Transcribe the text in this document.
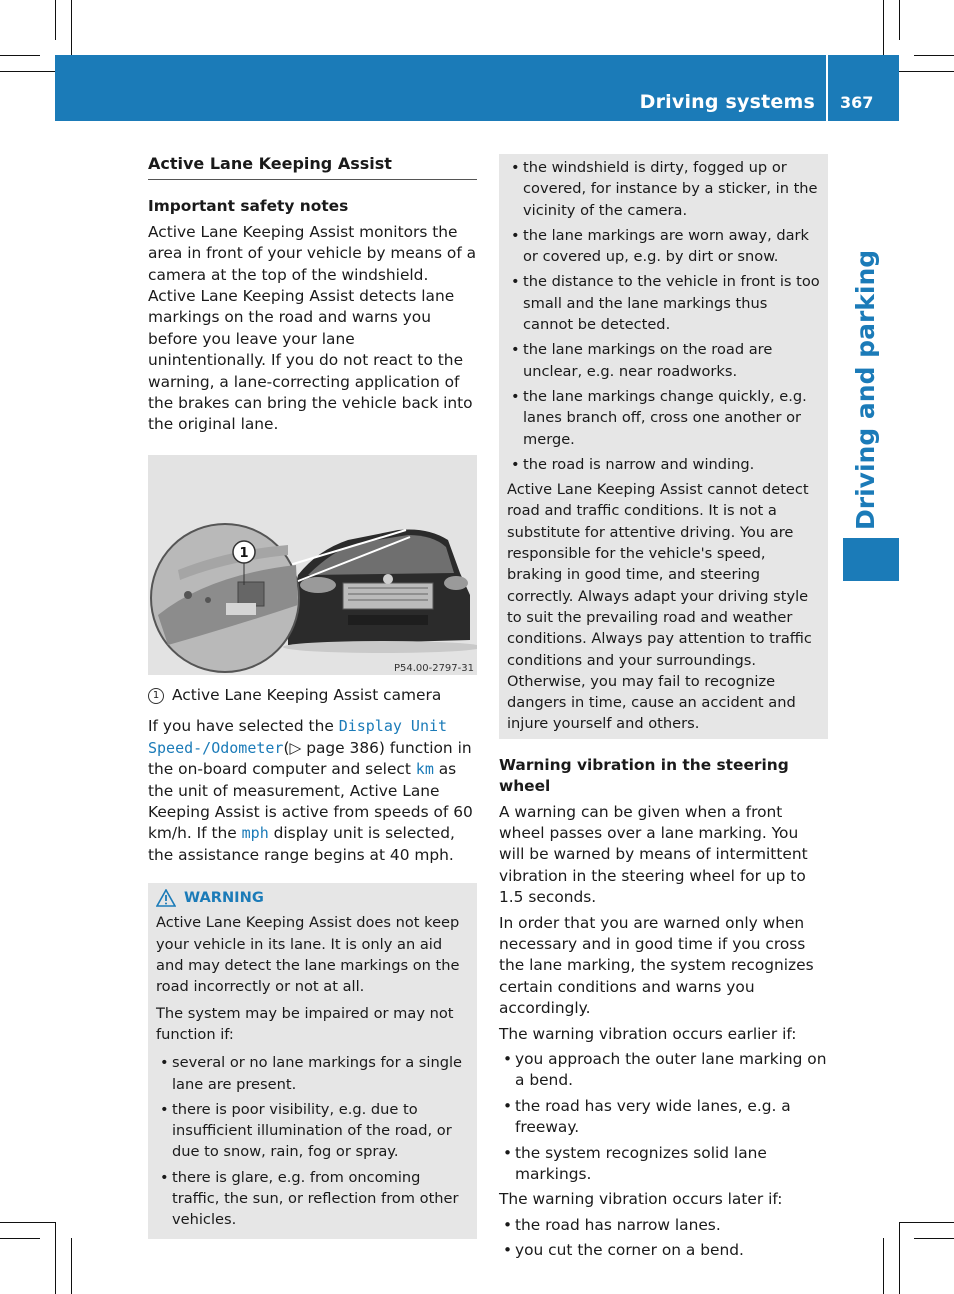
Driving systems 367
Driving and parking
Active Lane Keeping Assist
Important safety notes

Active Lane Keeping Assist monitors the area in front of your vehicle by means of a camera at the top of the windshield. Active Lane Keeping Assist detects lane markings on the road and warns you before you leave your lane unintentionally. If you do not react to the warning, a lane-correcting application of the brakes can bring the vehicle back into the original lane.

1
P54.00-2797-31
1 Active Lane Keeping Assist camera

If you have selected the Display Unit Speed-/Odometer(▷ page 386) function in the on-board computer and select km as the unit of measurement, Active Lane Keeping Assist is active from speeds of 60 km/h. If the mph display unit is selected, the assistance range begins at 40 mph.

WARNING

Active Lane Keeping Assist does not keep your vehicle in its lane. It is only an aid and may detect the lane markings on the road incorrectly or not at all.

The system may be impaired or may not function if:

• several or no lane markings for a single lane are present.
• there is poor visibility, e.g. due to insufficient illumination of the road, or due to snow, rain, fog or spray.
• there is glare, e.g. from oncoming traffic, the sun, or reflection from other vehicles.
• the windshield is dirty, fogged up or covered, for instance by a sticker, in the vicinity of the camera.
• the lane markings are worn away, dark or covered up, e.g. by dirt or snow.
• the distance to the vehicle in front is too small and the lane markings thus cannot be detected.
• the lane markings on the road are unclear, e.g. near roadworks.
• the lane markings change quickly, e.g. lanes branch off, cross one another or merge.
• the road is narrow and winding.

Active Lane Keeping Assist cannot detect road and traffic conditions. It is not a substitute for attentive driving. You are responsible for the vehicle's speed, braking in good time, and steering correctly. Always adapt your driving style to suit the prevailing road and weather conditions. Always pay attention to traffic conditions and your surroundings. Otherwise, you may fail to recognize dangers in time, cause an accident and injure yourself and others.

Warning vibration in the steering wheel

A warning can be given when a front wheel passes over a lane marking. You will be warned by means of intermittent vibration in the steering wheel for up to 1.5 seconds.

In order that you are warned only when necessary and in good time if you cross the lane marking, the system recognizes certain conditions and warns you accordingly.

The warning vibration occurs earlier if:

• you approach the outer lane marking on a bend.
• the road has very wide lanes, e.g. a freeway.
• the system recognizes solid lane markings.

The warning vibration occurs later if:

• the road has narrow lanes.
• you cut the corner on a bend.
